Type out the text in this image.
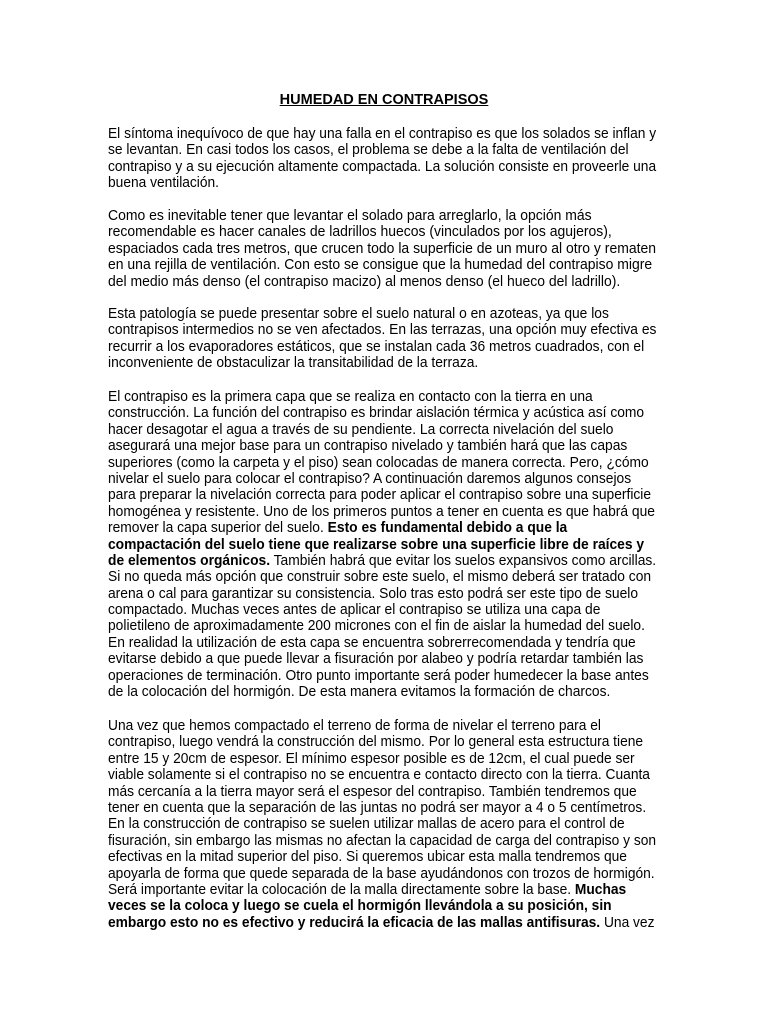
HUMEDAD EN CONTRAPISOS
El síntoma inequívoco de que hay una falla en el contrapiso es que los solados se inflan y
se levantan. En casi todos los casos, el problema se debe a la falta de ventilación del
contrapiso y a su ejecución altamente compactada. La solución consiste en proveerle una
buena ventilación.
Como es inevitable tener que levantar el solado para arreglarlo, la opción más
recomendable es hacer canales de ladrillos huecos (vinculados por los agujeros),
espaciados cada tres metros, que crucen todo la superficie de un muro al otro y rematen
en una rejilla de ventilación. Con esto se consigue que la humedad del contrapiso migre
del medio más denso (el contrapiso macizo) al menos denso (el hueco del ladrillo).
Esta patología se puede presentar sobre el suelo natural o en azoteas, ya que los
contrapisos intermedios no se ven afectados. En las terrazas, una opción muy efectiva es
recurrir a los evaporadores estáticos, que se instalan cada 36 metros cuadrados, con el
inconveniente de obstaculizar la transitabilidad de la terraza.
El contrapiso es la primera capa que se realiza en contacto con la tierra en una
construcción. La función del contrapiso es brindar aislación térmica y acústica así como
hacer desagotar el agua a través de su pendiente. La correcta nivelación del suelo
asegurará una mejor base para un contrapiso nivelado y también hará que las capas
superiores (como la carpeta y el piso) sean colocadas de manera correcta. Pero, ¿cómo
nivelar el suelo para colocar el contrapiso? A continuación daremos algunos consejos
para preparar la nivelación correcta para poder aplicar el contrapiso sobre una superficie
homogénea y resistente. Uno de los primeros puntos a tener en cuenta es que habrá que
remover la capa superior del suelo. Esto es fundamental debido a que la
compactación del suelo tiene que realizarse sobre una superficie libre de raíces y
de elementos orgánicos. También habrá que evitar los suelos expansivos como arcillas.
Si no queda más opción que construir sobre este suelo, el mismo deberá ser tratado con
arena o cal para garantizar su consistencia. Solo tras esto podrá ser este tipo de suelo
compactado. Muchas veces antes de aplicar el contrapiso se utiliza una capa de
polietileno de aproximadamente 200 micrones con el fin de aislar la humedad del suelo.
En realidad la utilización de esta capa se encuentra sobrerrecomendada y tendría que
evitarse debido a que puede llevar a fisuración por alabeo y podría retardar también las
operaciones de terminación. Otro punto importante será poder humedecer la base antes
de la colocación del hormigón. De esta manera evitamos la formación de charcos.
Una vez que hemos compactado el terreno de forma de nivelar el terreno para el
contrapiso, luego vendrá la construcción del mismo. Por lo general esta estructura tiene
entre 15 y 20cm de espesor. El mínimo espesor posible es de 12cm, el cual puede ser
viable solamente si el contrapiso no se encuentra e contacto directo con la tierra. Cuanta
más cercanía a la tierra mayor será el espesor del contrapiso. También tendremos que
tener en cuenta que la separación de las juntas no podrá ser mayor a 4 o 5 centímetros.
En la construcción de contrapiso se suelen utilizar mallas de acero para el control de
fisuración, sin embargo las mismas no afectan la capacidad de carga del contrapiso y son
efectivas en la mitad superior del piso. Si queremos ubicar esta malla tendremos que
apoyarla de forma que quede separada de la base ayudándonos con trozos de hormigón.
Será importante evitar la colocación de la malla directamente sobre la base. Muchas
veces se la coloca y luego se cuela el hormigón llevándola a su posición, sin
embargo esto no es efectivo y reducirá la eficacia de las mallas antifisuras. Una vez
